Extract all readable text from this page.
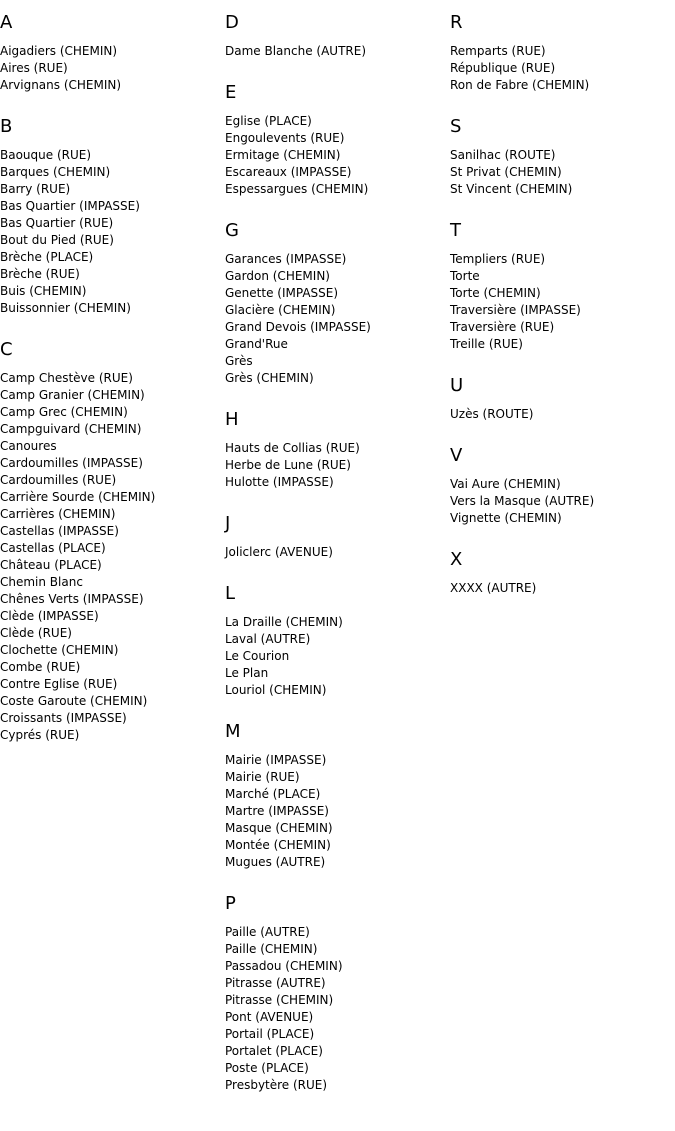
A
Aigadiers (CHEMIN)
Aires (RUE)
Arvignans (CHEMIN)
B
Baouque (RUE)
Barques (CHEMIN)
Barry (RUE)
Bas Quartier (IMPASSE)
Bas Quartier (RUE)
Bout du Pied (RUE)
Brèche (PLACE)
Brèche (RUE)
Buis (CHEMIN)
Buissonnier (CHEMIN)
C
Camp Chestève (RUE)
Camp Granier (CHEMIN)
Camp Grec (CHEMIN)
Campguivard (CHEMIN)
Canoures
Cardoumilles (IMPASSE)
Cardoumilles (RUE)
Carrière Sourde (CHEMIN)
Carrières (CHEMIN)
Castellas (IMPASSE)
Castellas (PLACE)
Château (PLACE)
Chemin Blanc
Chênes Verts (IMPASSE)
Clède (IMPASSE)
Clède (RUE)
Clochette (CHEMIN)
Combe (RUE)
Contre Eglise (RUE)
Coste Garoute (CHEMIN)
Croissants (IMPASSE)
Cyprés (RUE)
D
Dame Blanche (AUTRE)
E
Eglise (PLACE)
Engoulevents (RUE)
Ermitage (CHEMIN)
Escareaux (IMPASSE)
Espessargues (CHEMIN)
G
Garances (IMPASSE)
Gardon (CHEMIN)
Genette (IMPASSE)
Glacière (CHEMIN)
Grand Devois (IMPASSE)
Grand'Rue
Grès
Grès (CHEMIN)
H
Hauts de Collias (RUE)
Herbe de Lune (RUE)
Hulotte (IMPASSE)
J
Joliclerc (AVENUE)
L
La Draille (CHEMIN)
Laval (AUTRE)
Le Courion
Le Plan
Louriol (CHEMIN)
M
Mairie (IMPASSE)
Mairie (RUE)
Marché (PLACE)
Martre (IMPASSE)
Masque (CHEMIN)
Montée (CHEMIN)
Mugues (AUTRE)
P
Paille (AUTRE)
Paille (CHEMIN)
Passadou (CHEMIN)
Pitrasse (AUTRE)
Pitrasse (CHEMIN)
Pont (AVENUE)
Portail (PLACE)
Portalet (PLACE)
Poste (PLACE)
Presbytère (RUE)
R
Remparts (RUE)
République (RUE)
Ron de Fabre (CHEMIN)
S
Sanilhac (ROUTE)
St Privat (CHEMIN)
St Vincent (CHEMIN)
T
Templiers (RUE)
Torte
Torte (CHEMIN)
Traversière (IMPASSE)
Traversière (RUE)
Treille (RUE)
U
Uzès (ROUTE)
V
Vai Aure (CHEMIN)
Vers la Masque (AUTRE)
Vignette (CHEMIN)
X
XXXX (AUTRE)
